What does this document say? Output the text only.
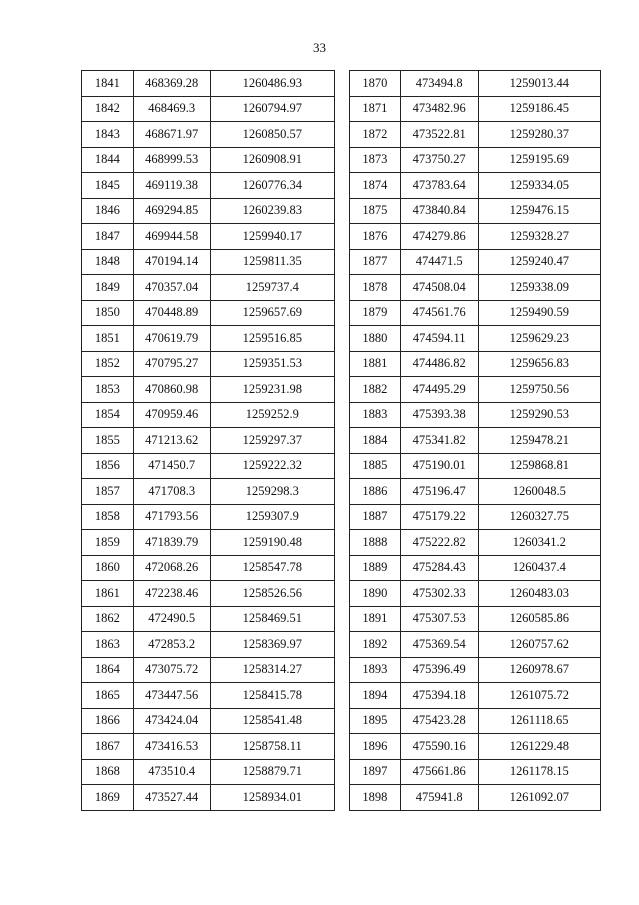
33
1841	468369.28	1260486.93
1842	468469.3	1260794.97
1843	468671.97	1260850.57
1844	468999.53	1260908.91
1845	469119.38	1260776.34
1846	469294.85	1260239.83
1847	469944.58	1259940.17
1848	470194.14	1259811.35
1849	470357.04	1259737.4
1850	470448.89	1259657.69
1851	470619.79	1259516.85
1852	470795.27	1259351.53
1853	470860.98	1259231.98
1854	470959.46	1259252.9
1855	471213.62	1259297.37
1856	471450.7	1259222.32
1857	471708.3	1259298.3
1858	471793.56	1259307.9
1859	471839.79	1259190.48
1860	472068.26	1258547.78
1861	472238.46	1258526.56
1862	472490.5	1258469.51
1863	472853.2	1258369.97
1864	473075.72	1258314.27
1865	473447.56	1258415.78
1866	473424.04	1258541.48
1867	473416.53	1258758.11
1868	473510.4	1258879.71
1869	473527.44	1258934.01
1870	473494.8	1259013.44
1871	473482.96	1259186.45
1872	473522.81	1259280.37
1873	473750.27	1259195.69
1874	473783.64	1259334.05
1875	473840.84	1259476.15
1876	474279.86	1259328.27
1877	474471.5	1259240.47
1878	474508.04	1259338.09
1879	474561.76	1259490.59
1880	474594.11	1259629.23
1881	474486.82	1259656.83
1882	474495.29	1259750.56
1883	475393.38	1259290.53
1884	475341.82	1259478.21
1885	475190.01	1259868.81
1886	475196.47	1260048.5
1887	475179.22	1260327.75
1888	475222.82	1260341.2
1889	475284.43	1260437.4
1890	475302.33	1260483.03
1891	475307.53	1260585.86
1892	475369.54	1260757.62
1893	475396.49	1260978.67
1894	475394.18	1261075.72
1895	475423.28	1261118.65
1896	475590.16	1261229.48
1897	475661.86	1261178.15
1898	475941.8	1261092.07
